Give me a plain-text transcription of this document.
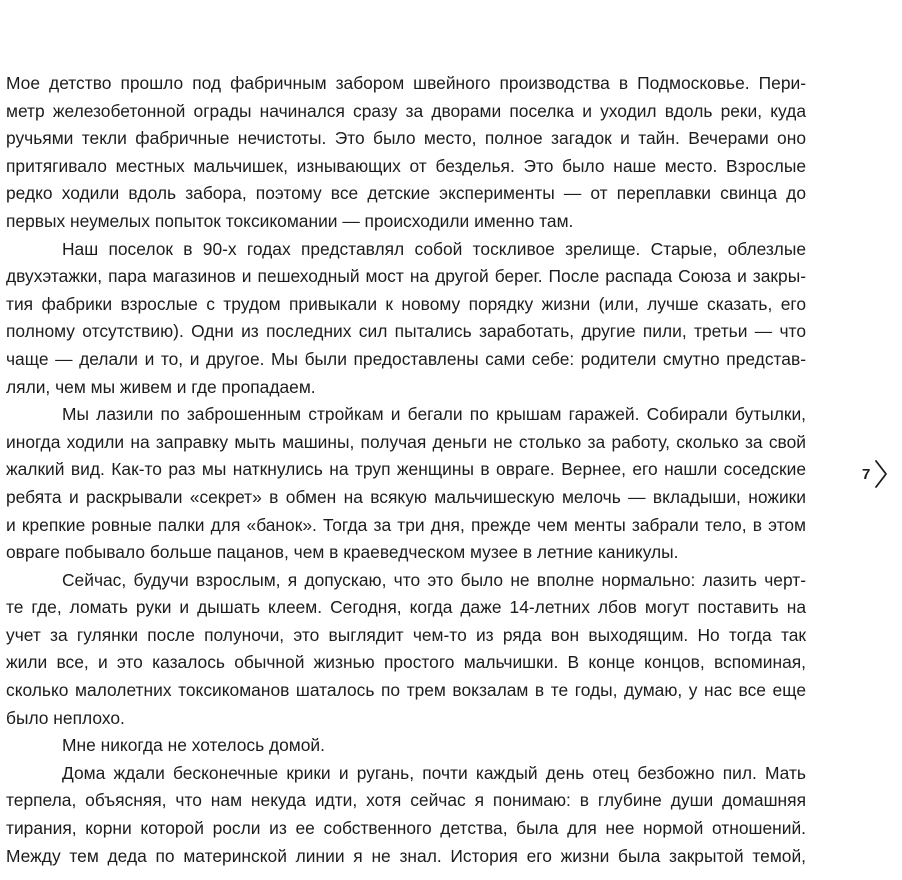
Мое детство прошло под фабричным забором швейного производства в Подмосковье. Пери-
метр железобетонной ограды начинался сразу за дворами поселка и уходил вдоль реки, куда
ручьями текли фабричные нечистоты. Это было место, полное загадок и тайн. Вечерами оно
притягивало местных мальчишек, изнывающих от безделья. Это было наше место. Взрослые
редко ходили вдоль забора, поэтому все детские эксперименты — от переплавки свинца до
первых неумелых попыток токсикомании — происходили именно там.
Наш поселок в 90-х годах представлял собой тоскливое зрелище. Старые, облезлые
двухэтажки, пара магазинов и пешеходный мост на другой берег. После распада Союза и закры-
тия фабрики взрослые с трудом привыкали к новому порядку жизни (или, лучше сказать, его
полному отсутствию). Одни из последних сил пытались заработать, другие пили, третьи — что
чаще — делали и то, и другое. Мы были предоставлены сами себе: родители смутно представ-
ляли, чем мы живем и где пропадаем.
Мы лазили по заброшенным стройкам и бегали по крышам гаражей. Собирали бутылки,
иногда ходили на заправку мыть машины, получая деньги не столько за работу, сколько за свой
жалкий вид. Как-то раз мы наткнулись на труп женщины в овраге. Вернее, его нашли соседские
ребята и раскрывали «секрет» в обмен на всякую мальчишескую мелочь — вкладыши, ножики
и крепкие ровные палки для «банок». Тогда за три дня, прежде чем менты забрали тело, в этом
овраге побывало больше пацанов, чем в краеведческом музее в летние каникулы.
Сейчас, будучи взрослым, я допускаю, что это было не вполне нормально: лазить черт-
те где, ломать руки и дышать клеем. Сегодня, когда даже 14-летних лбов могут поставить на
учет за гулянки после полуночи, это выглядит чем-то из ряда вон выходящим. Но тогда так
жили все, и это казалось обычной жизнью простого мальчишки. В конце концов, вспоминая,
сколько малолетних токсикоманов шаталось по трем вокзалам в те годы, думаю, у нас все еще
было неплохо.
Мне никогда не хотелось домой.
Дома ждали бесконечные крики и ругань, почти каждый день отец безбожно пил. Мать
терпела, объясняя, что нам некуда идти, хотя сейчас я понимаю: в глубине души домашняя
тирания, корни которой росли из ее собственного детства, была для нее нормой отношений.
Между тем деда по материнской линии я не знал. История его жизни была закрытой темой,
7
